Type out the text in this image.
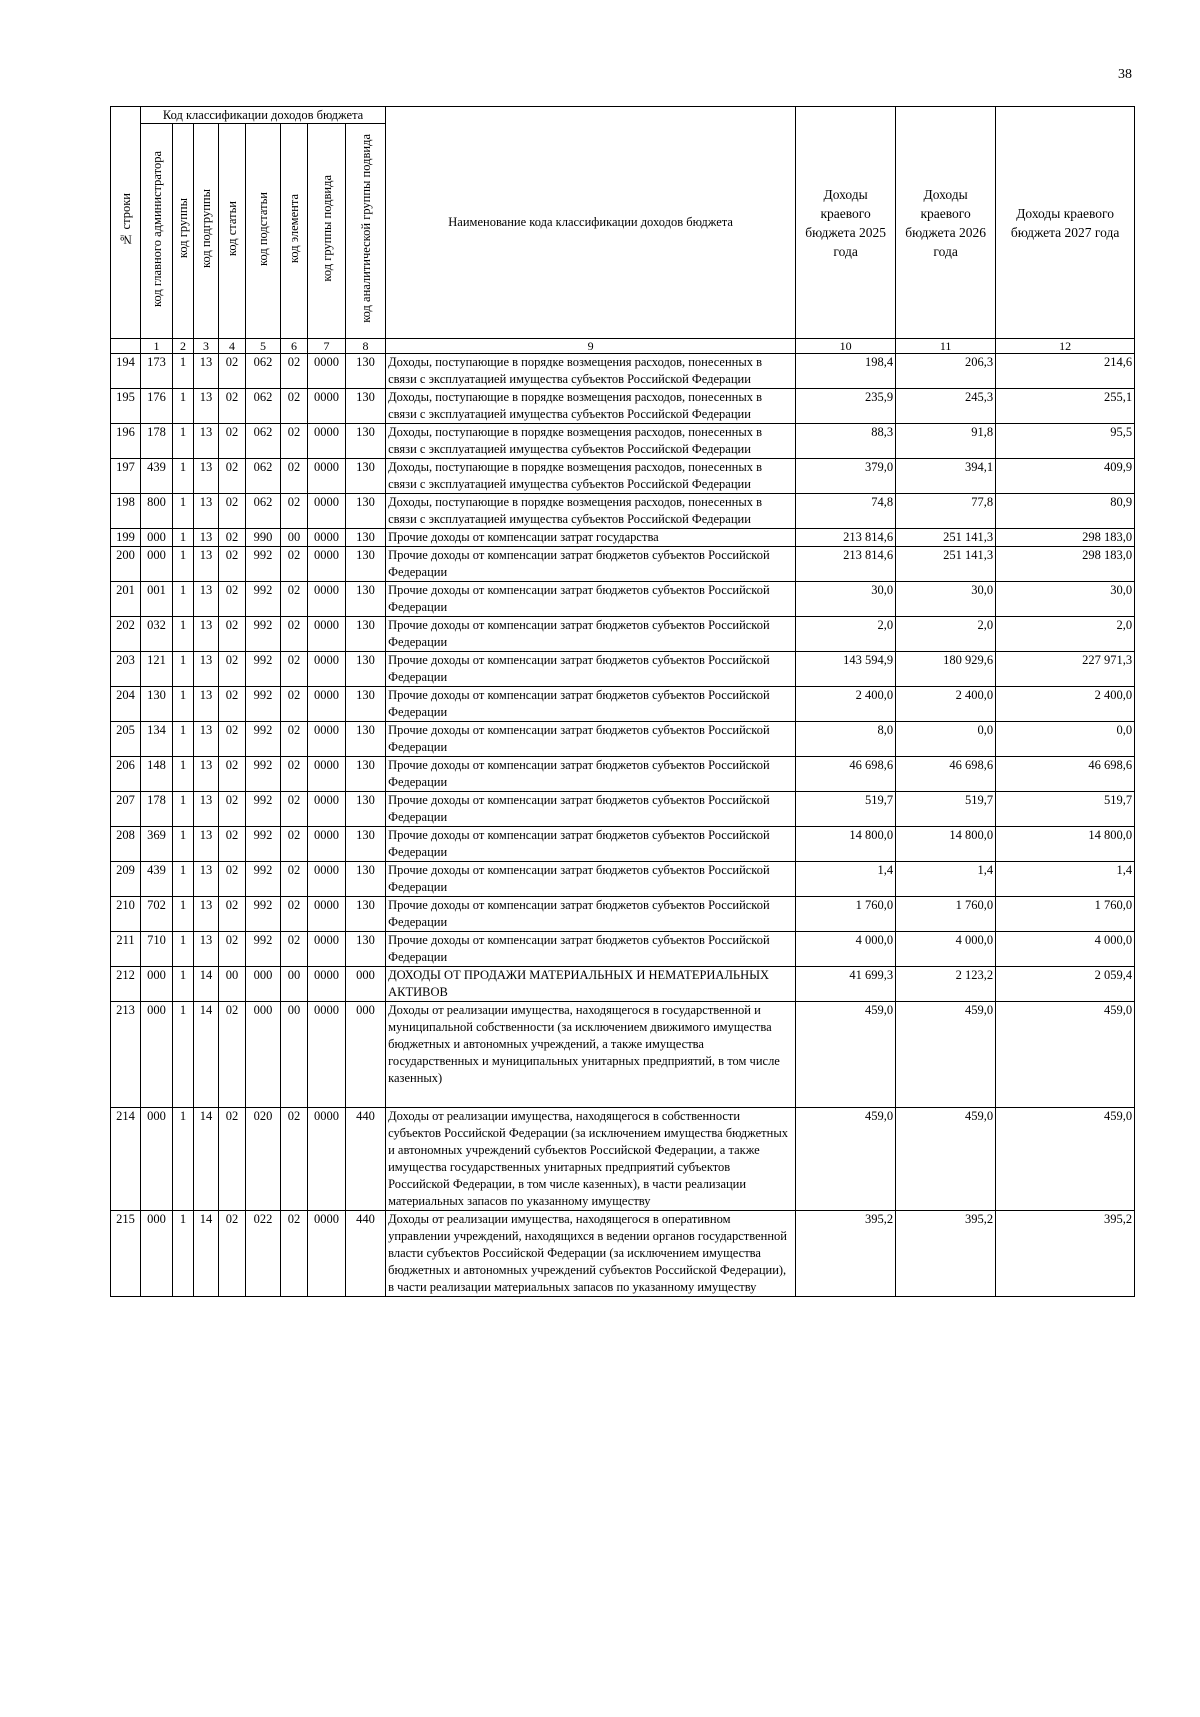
38
№ строки	Код классификации доходов бюджета								Наименование кода классификации доходов бюджета	Доходы краевого бюджета 2025 года	Доходы краевого бюджета 2026 года	Доходы краевого бюджета 2027 года
	код главного администратора	код группы	код подгруппы	код статьи	код подстатьи	код элемента	код группы подвида	код аналитической группы подвида				
	1	2	3	4	5	6	7	8	9	10	11	12
194	173	1	13	02	062	02	0000	130	Доходы, поступающие в порядке возмещения расходов, понесенных в связи с эксплуатацией имущества субъектов Российской Федерации	198,4	206,3	214,6
195	176	1	13	02	062	02	0000	130	Доходы, поступающие в порядке возмещения расходов, понесенных в связи с эксплуатацией имущества субъектов Российской Федерации	235,9	245,3	255,1
196	178	1	13	02	062	02	0000	130	Доходы, поступающие в порядке возмещения расходов, понесенных в связи с эксплуатацией имущества субъектов Российской Федерации	88,3	91,8	95,5
197	439	1	13	02	062	02	0000	130	Доходы, поступающие в порядке возмещения расходов, понесенных в связи с эксплуатацией имущества субъектов Российской Федерации	379,0	394,1	409,9
198	800	1	13	02	062	02	0000	130	Доходы, поступающие в порядке возмещения расходов, понесенных в связи с эксплуатацией имущества субъектов Российской Федерации	74,8	77,8	80,9
199	000	1	13	02	990	00	0000	130	Прочие доходы от компенсации затрат государства	213 814,6	251 141,3	298 183,0
200	000	1	13	02	992	02	0000	130	Прочие доходы от компенсации затрат бюджетов субъектов Российской Федерации	213 814,6	251 141,3	298 183,0
201	001	1	13	02	992	02	0000	130	Прочие доходы от компенсации затрат бюджетов субъектов Российской Федерации	30,0	30,0	30,0
202	032	1	13	02	992	02	0000	130	Прочие доходы от компенсации затрат бюджетов субъектов Российской Федерации	2,0	2,0	2,0
203	121	1	13	02	992	02	0000	130	Прочие доходы от компенсации затрат бюджетов субъектов Российской Федерации	143 594,9	180 929,6	227 971,3
204	130	1	13	02	992	02	0000	130	Прочие доходы от компенсации затрат бюджетов субъектов Российской Федерации	2 400,0	2 400,0	2 400,0
205	134	1	13	02	992	02	0000	130	Прочие доходы от компенсации затрат бюджетов субъектов Российской Федерации	8,0	0,0	0,0
206	148	1	13	02	992	02	0000	130	Прочие доходы от компенсации затрат бюджетов субъектов Российской Федерации	46 698,6	46 698,6	46 698,6
207	178	1	13	02	992	02	0000	130	Прочие доходы от компенсации затрат бюджетов субъектов Российской Федерации	519,7	519,7	519,7
208	369	1	13	02	992	02	0000	130	Прочие доходы от компенсации затрат бюджетов субъектов Российской Федерации	14 800,0	14 800,0	14 800,0
209	439	1	13	02	992	02	0000	130	Прочие доходы от компенсации затрат бюджетов субъектов Российской Федерации	1,4	1,4	1,4
210	702	1	13	02	992	02	0000	130	Прочие доходы от компенсации затрат бюджетов субъектов Российской Федерации	1 760,0	1 760,0	1 760,0
211	710	1	13	02	992	02	0000	130	Прочие доходы от компенсации затрат бюджетов субъектов Российской Федерации	4 000,0	4 000,0	4 000,0
212	000	1	14	00	000	00	0000	000	ДОХОДЫ ОТ ПРОДАЖИ МАТЕРИАЛЬНЫХ И НЕМАТЕРИАЛЬНЫХ АКТИВОВ	41 699,3	2 123,2	2 059,4
213	000	1	14	02	000	00	0000	000	Доходы от реализации имущества, находящегося в государственной и муниципальной собственности (за исключением движимого имущества бюджетных и автономных учреждений, а также имущества государственных и муниципальных унитарных предприятий, в том числе казенных)	459,0	459,0	459,0
214	000	1	14	02	020	02	0000	440	Доходы от реализации имущества, находящегося в собственности субъектов Российской Федерации (за исключением имущества бюджетных и автономных учреждений субъектов Российской Федерации, а также имущества государственных унитарных предприятий субъектов Российской Федерации, в том числе казенных), в части реализации материальных запасов по указанному имуществу	459,0	459,0	459,0
215	000	1	14	02	022	02	0000	440	Доходы от реализации имущества, находящегося в оперативном управлении учреждений, находящихся в ведении органов государственной власти субъектов Российской Федерации (за исключением имущества бюджетных и автономных учреждений субъектов Российской Федерации), в части реализации материальных запасов по указанному имуществу	395,2	395,2	395,2
